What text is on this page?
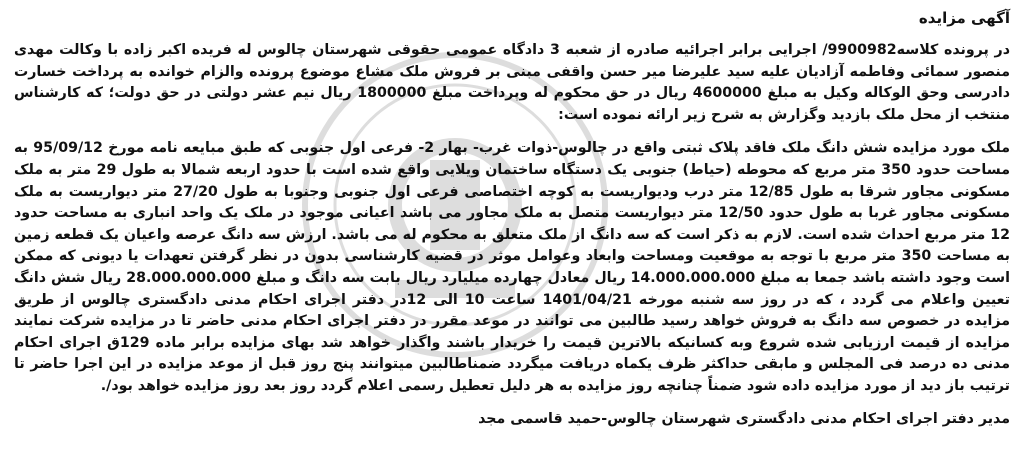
آگهی مزایده

در پرونده کلاسه9900982/ اجرایی برابر اجرائیه صادره از شعبه 3 دادگاه عمومی حقوقی شهرستان چالوس له فریده اکبر زاده با وکالت مهدی منصور سمائی وفاطمه آزادیان علیه سید علیرضا میر حسن واقفی مبنی بر فروش ملک مشاع موضوع پرونده والزام خوانده به پرداخت خسارت دادرسی وحق الوکاله وکیل به مبلغ 4600000 ریال در حق محکوم له وپرداخت مبلغ 1800000 ریال نیم عشر دولتی در حق دولت؛ که کارشناس منتخب از محل ملک بازدید وگزارش به شرح زیر ارائه نموده است:

ملک مورد مزایده شش دانگ ملک فاقد پلاک ثبتی واقع در چالوس-ذوات غرب- بهار 2- فرعی اول جنوبی که طبق مبایعه نامه مورخ 95/09/12 به مساحت حدود 350 متر مربع که محوطه (حیاط) جنوبی یک دستگاه ساختمان ویلایی واقع شده است با حدود اربعه شمالا به طول 29 متر به ملک مسکونی مجاور شرقا به طول 12/85 متر درب ودیواریست به کوچه اختصاصی فرعی اول جنوبی وجنوبا به طول 27/20 متر دیواریست به ملک مسکونی مجاور غربا به طول حدود 12/50 متر دیواریست متصل به ملک مجاور می باشد اعیانی موجود در ملک یک واحد انباری به مساحت حدود 12 متر مربع احداث شده است. لازم به ذکر است که سه دانگ از ملک متعلق به محکوم له می باشد. ارزش سه دانگ عرصه واعیان یک قطعه زمین به مساحت 350 متر مربع با توجه به موقعیت ومساحت وابعاد وعوامل موثر در قضیه کارشناسی بدون در نظر گرفتن تعهدات یا دیونی که ممکن است وجود داشته باشد جمعا به مبلغ 14.000.000.000 ریال معادل چهارده میلیارد ریال بابت سه دانگ و مبلغ 28.000.000.000 ریال شش دانگ تعیین واعلام می گردد ، که در روز سه شنبه مورخه 1401/04/21 ساعت 10 الی 12در دفتر اجرای احکام مدنی دادگستری چالوس از طریق مزایده در خصوص سه دانگ به فروش خواهد رسید طالبین می توانند در موعد مقرر در دفتر اجرای احکام مدنی حاضر تا در مزایده شرکت نمایند مزایده از قیمت ارزیابی شده شروع وبه کسانیکه بالاترین قیمت را خریدار باشند واگذار خواهد شد بهای مزایده برابر ماده 129ق اجرای احکام مدنی ده درصد فی المجلس و مابقی حداکثر ظرف یکماه دریافت میگردد ضمناطالبین میتوانند پنج روز قبل از موعد مزایده در این اجرا حاضر تا ترتیب باز دید از مورد مزایده داده شود ضمناً چنانچه روز مزایده به هر دلیل تعطیل رسمی اعلام گردد روز بعد روز مزایده خواهد بود/.

مدیر دفتر اجرای احکام مدنی دادگستری شهرستان چالوس-حمید قاسمی مجد
